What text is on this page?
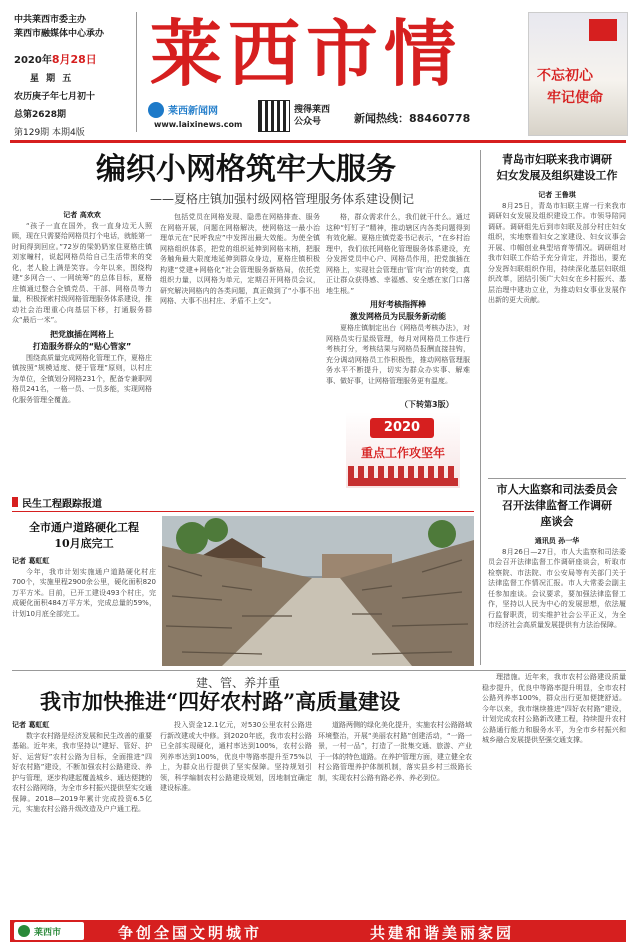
中共莱西市委主办
莱西市融媒体中心承办
2020年8月28日
星 期 五
农历庚子年七月初十
总第2628期
第129期 本期4版
莱西市情
莱西新闻网
www.laixinews.com
搜得莱西
公众号	新闻热线：88460778
不忘初心
牢记使命
编织小网格筑牢大服务
——夏格庄镇加强村级网格管理服务体系建设侧记
记者 高欢欢

“孩子一直在国外，我一直身边无人照顾，现在只需要给网格员打个电话，就能第一时间得到回应。”72岁的梁奶奶家住夏格庄镇刘家疃村，说起网格员给自己生活带来的变化，老人脸上满是笑容。今年以来，围绕构建“多网合一、一网统筹”的总体目标，夏格庄镇通过整合全镇党员、干部、网格员等力量，积极探索村级网格管理服务体系建设，推动社会治理重心向基层下移，打通服务群众“最后一米”。

把党旗插在网格上
打造服务群众的“贴心管家”

围绕高质量完成网格化管理工作，夏格庄镇按照“规模适度、便于管理”原则，以村庄为单位，全镇划分网格231个，配备专兼职网格员241名，一格一员、一员多能，实现网格化服务管理全覆盖。

包括党员在网格发现、隐患在网格排查、服务在网格开展，问题在网格解决，使网格这一最小治理单元在“民呼我应”中发挥出最大效能。为使全镇网格组织体系，把党的组织延伸到网格末梢，把服务触角最大限度地延伸到群众身边，夏格庄镇积极构建“党建+网格化”社会管理服务新格局，依托党组织力量，以网格为单元，定期召开网格员会议，研究解决网格内的各类问题，真正做到了“小事不出网格、大事不出村庄、矛盾不上交”。

格，群众需求什么，我们就干什么。通过这种“钉钉子”精神，推动辖区内各类问题得到有效化解。夏格庄镇党委书记表示，“在乡村治理中，我们依托网格化管理服务体系建设，充分发挥党员中心户、网格员作用，把党旗插在网格上，实现社会管理由‘管’向‘治’的转变，真正让群众获得感、幸福感、安全感在家门口落地生根。”

用好考核指挥棒
激发网格员为民服务新动能

夏格庄镇制定出台《网格员考核办法》，对网格员实行星级管理，每月对网格员工作进行考核打分，考核结果与网格员报酬直接挂钩，充分调动网格员工作积极性，推动网格管理服务水平不断提升，切实为群众办实事、解难事、做好事，让网格管理服务更有温度。

（下转第3版）
2020
重点工作攻坚年
青岛市妇联来我市调研
妇女发展及组织建设工作
记者 王鲁琪

8月25日，青岛市妇联主席一行来我市调研妇女发展及组织建设工作。市领导陪同调研。调研组先后到市妇联及部分村庄妇女组织，实地察看妇女之家建设、妇女议事会开展、巾帼创业典型培育等情况。调研组对我市妇联工作给予充分肯定，并指出，要充分发挥妇联组织作用，持续深化基层妇联组织改革，团结引领广大妇女在乡村振兴、基层治理中建功立业，为推动妇女事业发展作出新的更大贡献。

市人大监察和司法委员会
召开法律监督工作调研
座谈会
通讯员 孙一华

8月26日—27日，市人大监察和司法委员会召开法律监督工作调研座谈会，听取市检察院、市法院、市公安局等有关部门关于法律监督工作情况汇报。市人大常委会副主任参加座谈。会议要求，要加强法律监督工作，坚持以人民为中心的发展思想，依法履行监督职责，切实维护社会公平正义，为全市经济社会高质量发展提供有力法治保障。

民生工程跟踪报道
全市通户道路硬化工程
10月底完工
记者 葛虹虹

今年，我市计划实施通户道路硬化村庄700个，实施里程2900余公里，硬化面积820万平方米。目前，已开工建设493个村庄，完成硬化面积484万平方米，完成总量的59%，计划10月底全部完工。

建、管、养并重
我市加快推进“四好农村路”高质量建设
记者 葛虹虹

数字农村路是经济发展和民生改善的重要基础。近年来，我市坚持以“建好、管好、护好、运营好”农村公路为目标，全面推进“四好农村路”建设，不断加强农村公路建设、养护与管理，逐步构建起覆盖城乡、通达便捷的农村公路网络，为全市乡村振兴提供坚实交通保障。2018—2019年累计完成投资6.5亿元，实施农村公路升级改造及户户通工程。

投入资金12.1亿元，对530公里农村公路进行新改建或大中修。到2020年底，我市农村公路已全部实现硬化，通村率达到100%，农村公路列养率达到100%，优良中等路率提升至75%以上，为群众出行提供了坚实保障。坚持规划引领，科学编制农村公路建设规划，因地制宜确定建设标准。

道路两侧的绿化美化提升，实施农村公路路域环境整治，开展“美丽农村路”创建活动，“一路一景，一村一品”，打造了一批集交通、旅游、产业于一体的特色道路。在养护管理方面，建立健全农村公路管理养护体制机制，落实县乡村三级路长制，实现农村公路有路必养、养必到位。

理措施。近年来，我市农村公路建设质量稳步提升，优良中等路率提升明显，全市农村公路列养率100%，群众出行更加便捷舒适。今年以来，我市继续推进“四好农村路”建设，计划完成农村公路新改建工程，持续提升农村公路通行能力和服务水平，为全市乡村振兴和城乡融合发展提供坚强交通支撑。

莱西市	争创全国文明城市	共建和谐美丽家园
